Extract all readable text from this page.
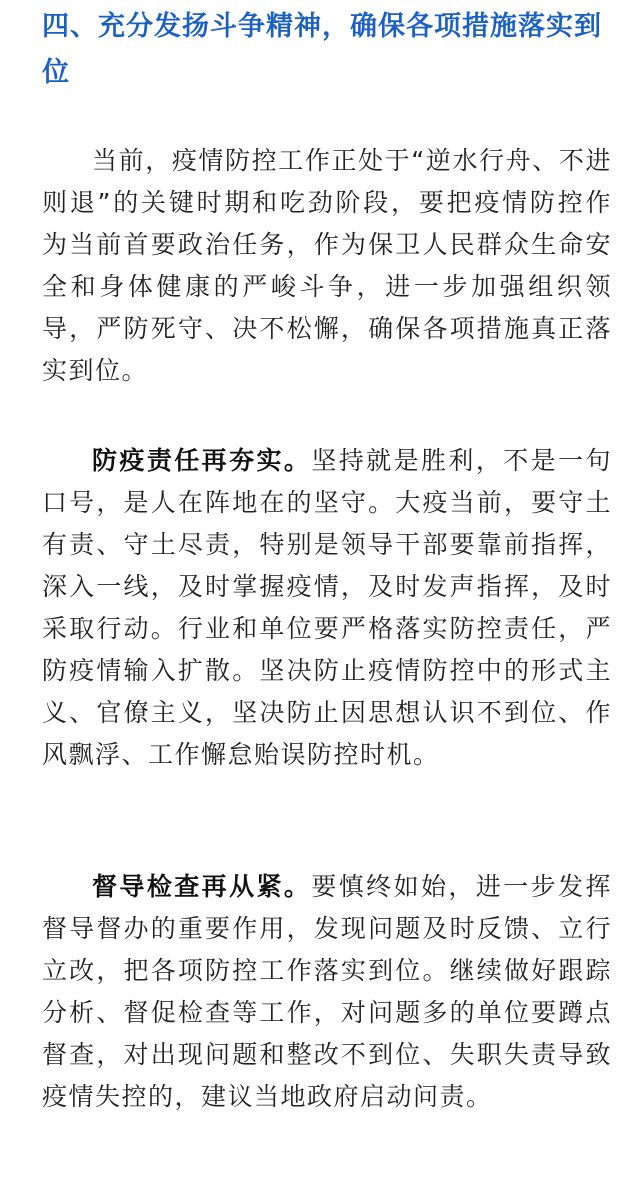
四、充分发扬斗争精神，确保各项措施落实到位

当前，疫情防控工作正处于“逆水行舟、不进则退”的关键时期和吃劲阶段，要把疫情防控作为当前首要政治任务，作为保卫人民群众生命安全和身体健康的严峻斗争，进一步加强组织领导，严防死守、决不松懈，确保各项措施真正落实到位。

防疫责任再夯实。坚持就是胜利，不是一句口号，是人在阵地在的坚守。大疫当前，要守土有责、守土尽责，特别是领导干部要靠前指挥，深入一线，及时掌握疫情，及时发声指挥，及时采取行动。行业和单位要严格落实防控责任，严防疫情输入扩散。坚决防止疫情防控中的形式主义、官僚主义，坚决防止因思想认识不到位、作风飘浮、工作懈怠贻误防控时机。

督导检查再从紧。要慎终如始，进一步发挥督导督办的重要作用，发现问题及时反馈、立行立改，把各项防控工作落实到位。继续做好跟踪分析、督促检查等工作，对问题多的单位要蹲点督查，对出现问题和整改不到位、失职失责导致疫情失控的，建议当地政府启动问责。
